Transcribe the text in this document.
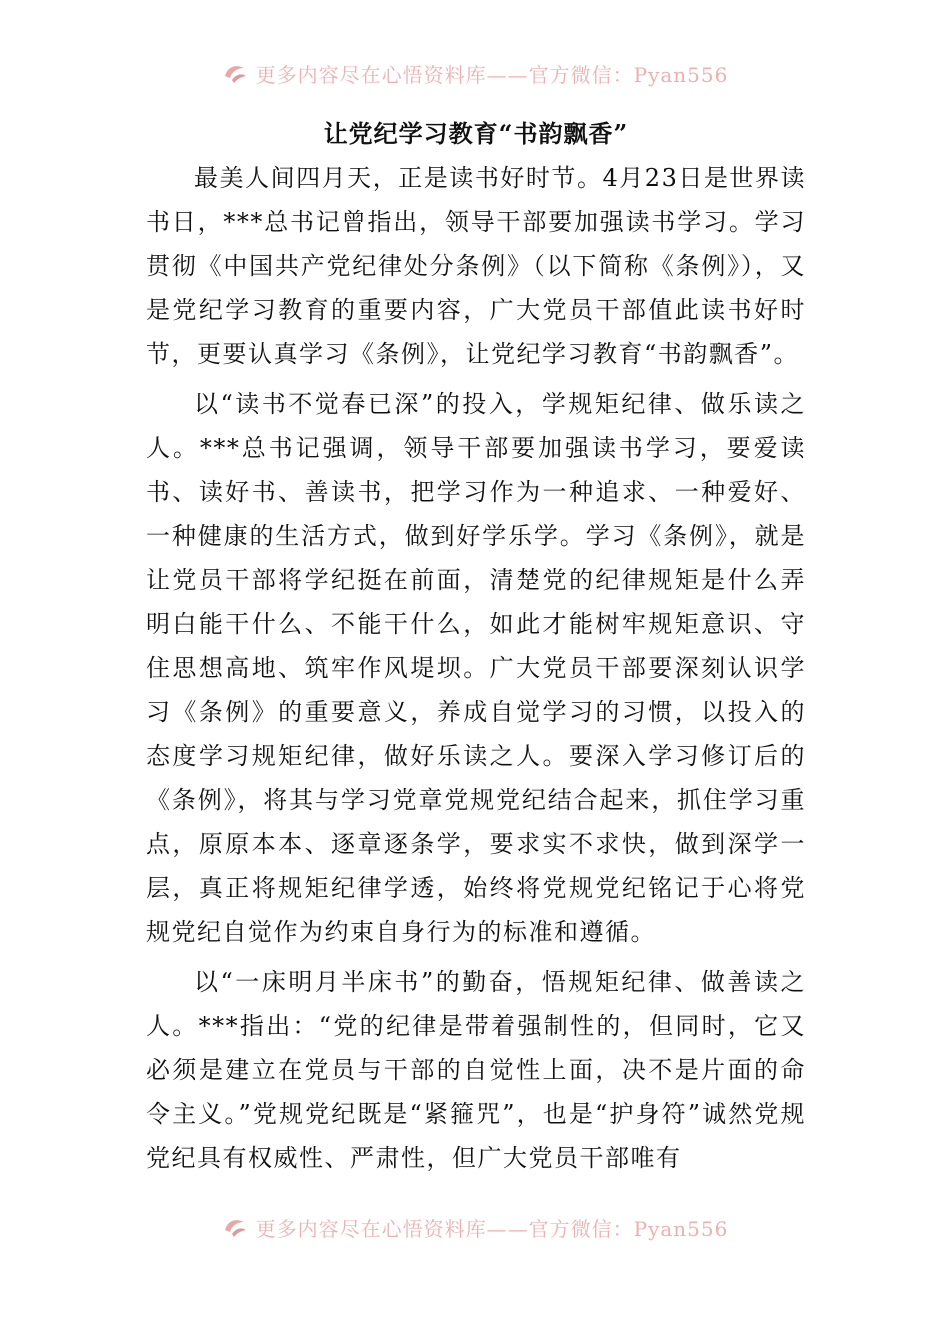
更多内容尽在心悟资料库——官方微信：Pyan556
让党纪学习教育“书韵飘香”

最美人间四月天，正是读书好时节。4月23日是世界读书日，***总书记曾指出，领导干部要加强读书学习。学习贯彻《中国共产党纪律处分条例》（以下简称《条例》），又是党纪学习教育的重要内容，广大党员干部值此读书好时节，更要认真学习《条例》，让党纪学习教育“书韵飘香”。

以“读书不觉春已深”的投入，学规矩纪律、做乐读之人。***总书记强调，领导干部要加强读书学习，要爱读书、读好书、善读书，把学习作为一种追求、一种爱好、一种健康的生活方式，做到好学乐学。学习《条例》，就是让党员干部将学纪挺在前面，清楚党的纪律规矩是什么弄明白能干什么、不能干什么，如此才能树牢规矩意识、守住思想高地、筑牢作风堤坝。广大党员干部要深刻认识学习《条例》的重要意义，养成自觉学习的习惯，以投入的态度学习规矩纪律，做好乐读之人。要深入学习修订后的《条例》，将其与学习党章党规党纪结合起来，抓住学习重点，原原本本、逐章逐条学，要求实不求快，做到深学一层，真正将规矩纪律学透，始终将党规党纪铭记于心将党规党纪自觉作为约束自身行为的标准和遵循。

以“一床明月半床书”的勤奋，悟规矩纪律、做善读之人。***指出：“党的纪律是带着强制性的，但同时，它又必须是建立在党员与干部的自觉性上面，决不是片面的命令主义。”党规党纪既是“紧箍咒”，也是“护身符”诚然党规党纪具有权威性、严肃性，但广大党员干部唯有

更多内容尽在心悟资料库——官方微信：Pyan556
